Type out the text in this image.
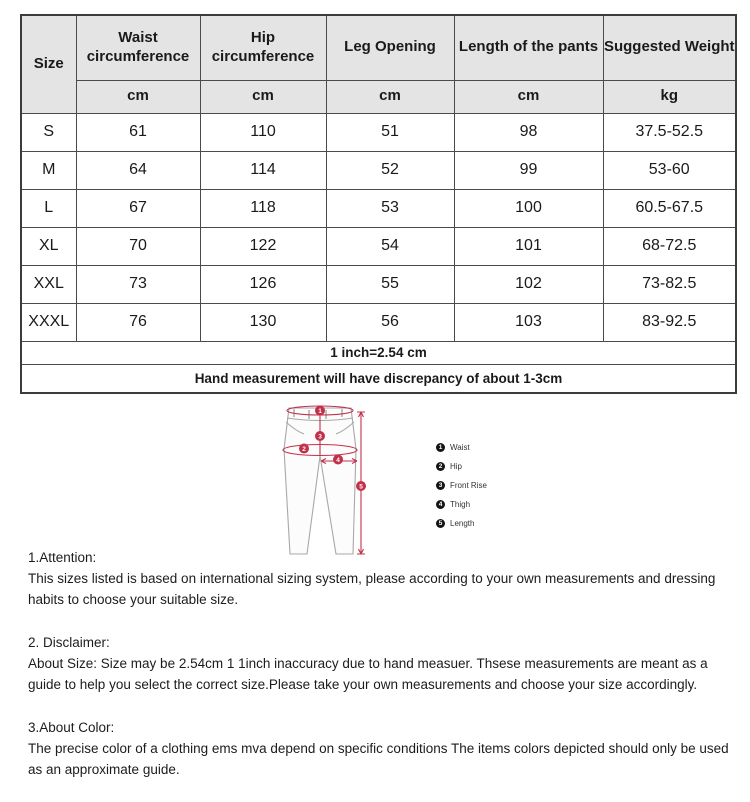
Size	Waist circumference	Hip circumference	Leg Opening	Length of the pants	Suggested Weight
	cm	cm	cm	cm	kg
S	61	110	51	98	37.5-52.5
M	64	114	52	99	53-60
L	67	118	53	100	60.5-67.5
XL	70	122	54	101	68-72.5
XXL	73	126	55	102	73-82.5
XXXL	76	130	56	103	83-92.5
1 inch=2.54 cm					
Hand measurement will have discrepancy of about 1-3cm					
1
2
3
4
5
1 Waist
2 Hip
3 Front Rise
4 Thigh
5 Length
1.Attention:

This sizes listed is based on international sizing system, please according to your own measurements and dressing habits to choose your suitable size.

2. Disclaimer:

About Size: Size may be 2.54cm 1 1inch inaccuracy due to hand measuer. Thsese measurements are meant as a guide to help you select the correct size.Please take your own measurements and choose your size accordingly.

3.About Color:

The precise color of a clothing ems mva depend on specific conditions The items colors depicted should only be used as an approximate guide.
